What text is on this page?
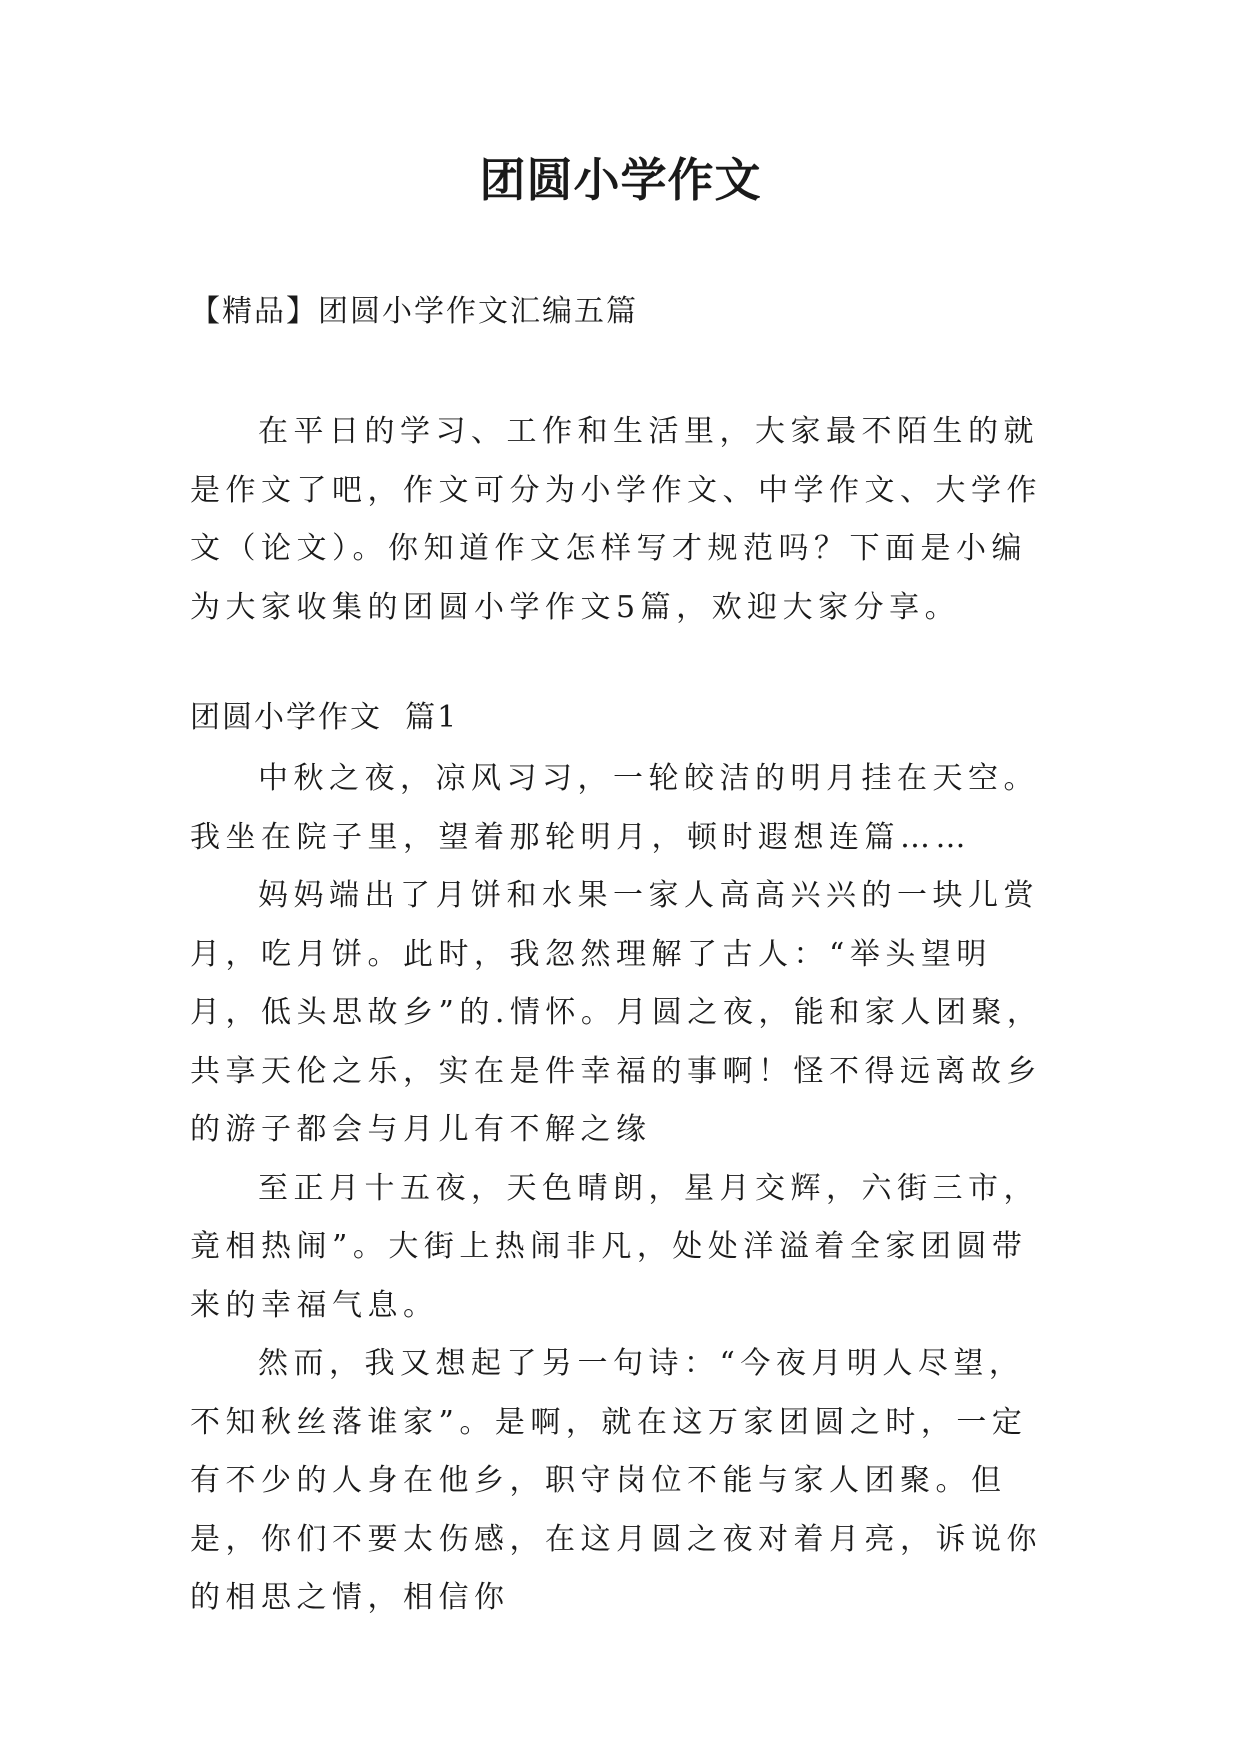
团圆小学作文

【精品】团圆小学作文汇编五篇

在平日的学习、工作和生活里，大家最不陌生的就是作文了吧，作文可分为小学作文、中学作文、大学作文（论文）。你知道作文怎样写才规范吗？下面是小编为大家收集的团圆小学作文5篇，欢迎大家分享。

团圆小学作文  篇1

中秋之夜，凉风习习，一轮皎洁的明月挂在天空。我坐在院子里，望着那轮明月，顿时遐想连篇……

妈妈端出了月饼和水果一家人高高兴兴的一块儿赏月，吃月饼。此时，我忽然理解了古人：“举头望明月，低头思故乡”的.情怀。月圆之夜，能和家人团聚，共享天伦之乐，实在是件幸福的事啊！怪不得远离故乡的游子都会与月儿有不解之缘

至正月十五夜，天色晴朗，星月交辉，六街三市，竟相热闹”。大街上热闹非凡，处处洋溢着全家团圆带来的幸福气息。

然而，我又想起了另一句诗：“今夜月明人尽望，不知秋丝落谁家”。是啊，就在这万家团圆之时，一定有不少的人身在他乡，职守岗位不能与家人团聚。但是，你们不要太伤感，在这月圆之夜对着月亮，诉说你的相思之情，相信你
